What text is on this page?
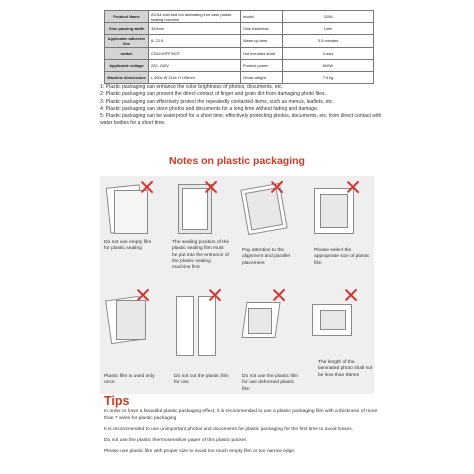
Product Name	A3 A4 cold and hot laminating iron case plastic sealing machine	model	320A
Glue passing width	320mm	Glue thickness	1mm
Applicable adhesive film	8- 22.5	Warm up time	3-5 minutes
switch	COLD/OFF/HOT	Hot mounted shaft	4-axis
Applicable voltage	220- 240V	Product power	600W
Machine dimensions	L 490x W 210x H 105mm	Gross weight	7.5 kg
1: Plastic packaging can enhance the color brightness of photos, documents, etc.
2: Plastic packaging can prevent the direct contact of finger and grain dirt from damaging photo files.
3: Plastic packaging can effectively protect the repeatedly contacted items, such as menus, leaflets, etc.
4: Plastic packaging can store photos and documents for a long time without fading and damage.
5: Plastic packaging can be waterproof for a short time, effectively protecting photos, documents, etc. from direct contact with water bodies for a short time.
Notes on plastic packaging
Do not use empty film for plastic sealing
The sealing position of the plastic sealing film must be put into the entrance of the plastic sealing machine first
Pay attention to the alignment and parallel placement
Please select the appropriate size of plastic film
Plastic film is used only once
Do not cut the plastic film for use
Do not use the plastic film for use deformed plastic film
The length of the laminated photo shall not be less than 65mm
Tips
In order to have a beautiful plastic packaging effect, it is recommended to use a plastic packaging film with a thickness of more than 7 wires for plastic packaging
It is recommended to use unimportant photos and documents for plastic packaging for the first time to avoid losses.
Do not use the plastic thermosensitive paper of this plastic packer.
Please use plastic film with proper size to avoid too much empty film or too narrow edge.
